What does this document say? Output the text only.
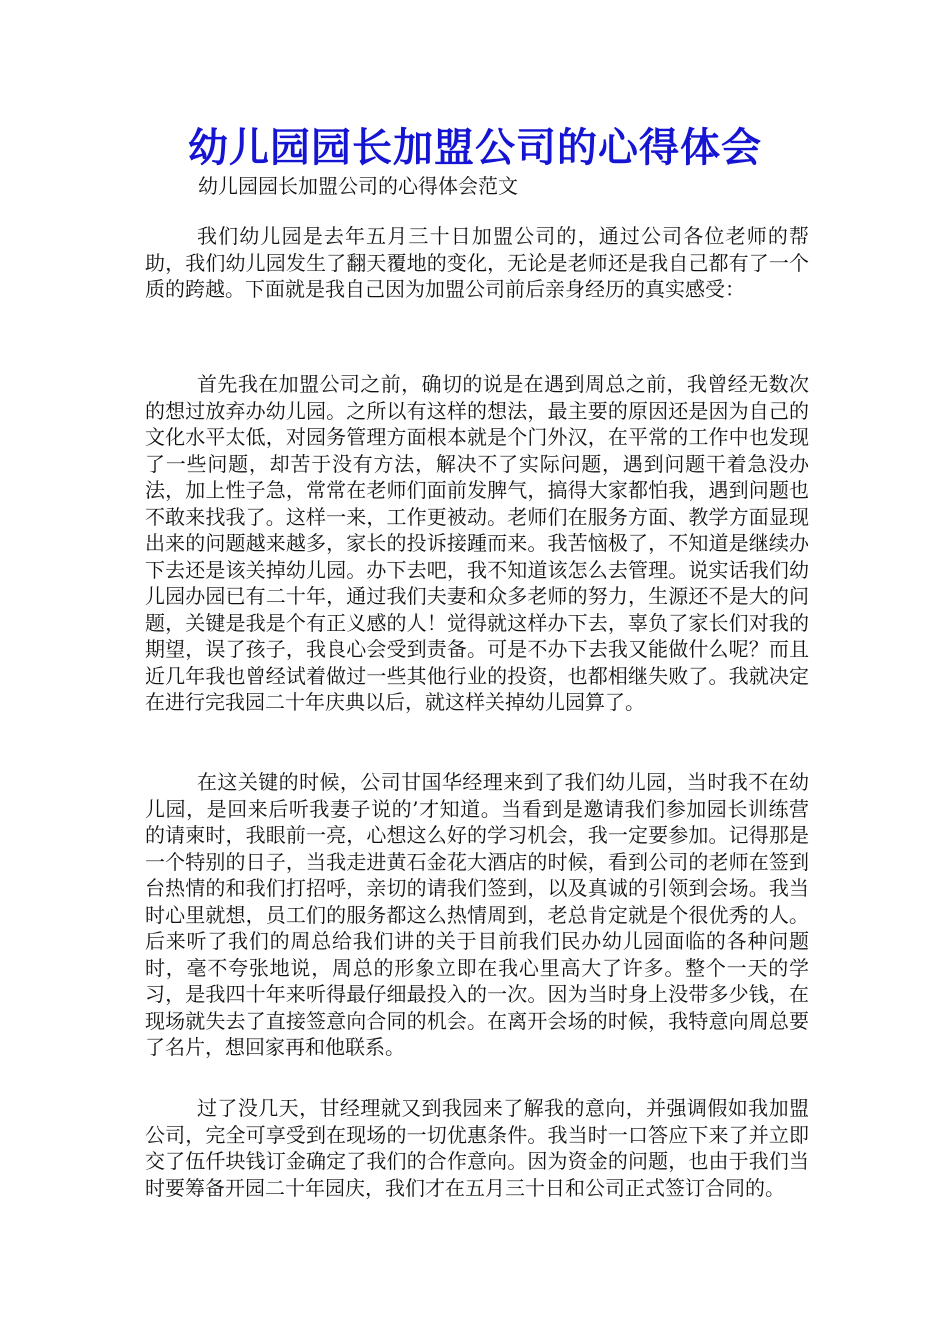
幼儿园园长加盟公司的心得体会
幼儿园园长加盟公司的心得体会范文
我们幼儿园是去年五月三十日加盟公司的，通过公司各位老师的帮助，我们幼儿园发生了翻天覆地的变化，无论是老师还是我自己都有了一个质的跨越。下面就是我自己因为加盟公司前后亲身经历的真实感受：
首先我在加盟公司之前，确切的说是在遇到周总之前，我曾经无数次的想过放弃办幼儿园。之所以有这样的想法，最主要的原因还是因为自己的文化水平太低，对园务管理方面根本就是个门外汉，在平常的工作中也发现了一些问题，却苦于没有方法，解决不了实际问题，遇到问题干着急没办法，加上性子急，常常在老师们面前发脾气，搞得大家都怕我，遇到问题也不敢来找我了。这样一来，工作更被动。老师们在服务方面、教学方面显现出来的问题越来越多，家长的投诉接踵而来。我苦恼极了，不知道是继续办下去还是该关掉幼儿园。办下去吧，我不知道该怎么去管理。说实话我们幼儿园办园已有二十年，通过我们夫妻和众多老师的努力，生源还不是大的问题，关键是我是个有正义感的人！觉得就这样办下去，辜负了家长们对我的期望，误了孩子，我良心会受到责备。可是不办下去我又能做什么呢？而且近几年我也曾经试着做过一些其他行业的投资，也都相继失败了。我就决定在进行完我园二十年庆典以后，就这样关掉幼儿园算了。
在这关键的时候，公司甘国华经理来到了我们幼儿园，当时我不在幼儿园，是回来后听我妻子说的’才知道。当看到是邀请我们参加园长训练营的请柬时，我眼前一亮，心想这么好的学习机会，我一定要参加。记得那是一个特别的日子，当我走进黄石金花大酒店的时候，看到公司的老师在签到台热情的和我们打招呼，亲切的请我们签到，以及真诚的引领到会场。我当时心里就想，员工们的服务都这么热情周到，老总肯定就是个很优秀的人。后来听了我们的周总给我们讲的关于目前我们民办幼儿园面临的各种问题时，毫不夸张地说，周总的形象立即在我心里高大了许多。整个一天的学习，是我四十年来听得最仔细最投入的一次。因为当时身上没带多少钱，在现场就失去了直接签意向合同的机会。在离开会场的时候，我特意向周总要了名片，想回家再和他联系。
过了没几天，甘经理就又到我园来了解我的意向，并强调假如我加盟公司，完全可享受到在现场的一切优惠条件。我当时一口答应下来了并立即交了伍仟块钱订金确定了我们的合作意向。因为资金的问题，也由于我们当时要筹备开园二十年园庆，我们才在五月三十日和公司正式签订合同的。
